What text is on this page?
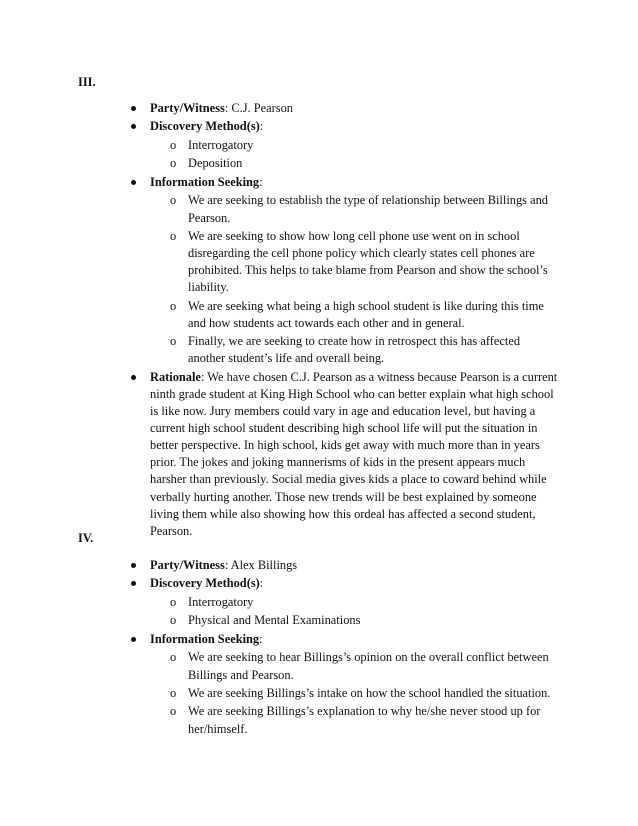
III.
Party/Witness: C.J. Pearson
Discovery Method(s):
o Interrogatory
o Deposition
Information Seeking:
o We are seeking to establish the type of relationship between Billings and Pearson.
o We are seeking to show how long cell phone use went on in school disregarding the cell phone policy which clearly states cell phones are prohibited. This helps to take blame from Pearson and show the school’s liability.
o We are seeking what being a high school student is like during this time and how students act towards each other and in general.
o Finally, we are seeking to create how in retrospect this has affected another student’s life and overall being.
Rationale: We have chosen C.J. Pearson as a witness because Pearson is a current ninth grade student at King High School who can better explain what high school is like now. Jury members could vary in age and education level, but having a current high school student describing high school life will put the situation in better perspective. In high school, kids get away with much more than in years prior. The jokes and joking mannerisms of kids in the present appears much harsher than previously. Social media gives kids a place to coward behind while verbally hurting another. Those new trends will be best explained by someone living them while also showing how this ordeal has affected a second student, Pearson.
IV.
Party/Witness: Alex Billings
Discovery Method(s):
o Interrogatory
o Physical and Mental Examinations
Information Seeking:
o We are seeking to hear Billings’s opinion on the overall conflict between Billings and Pearson.
o We are seeking Billings’s intake on how the school handled the situation.
o We are seeking Billings’s explanation to why he/she never stood up for her/himself.
